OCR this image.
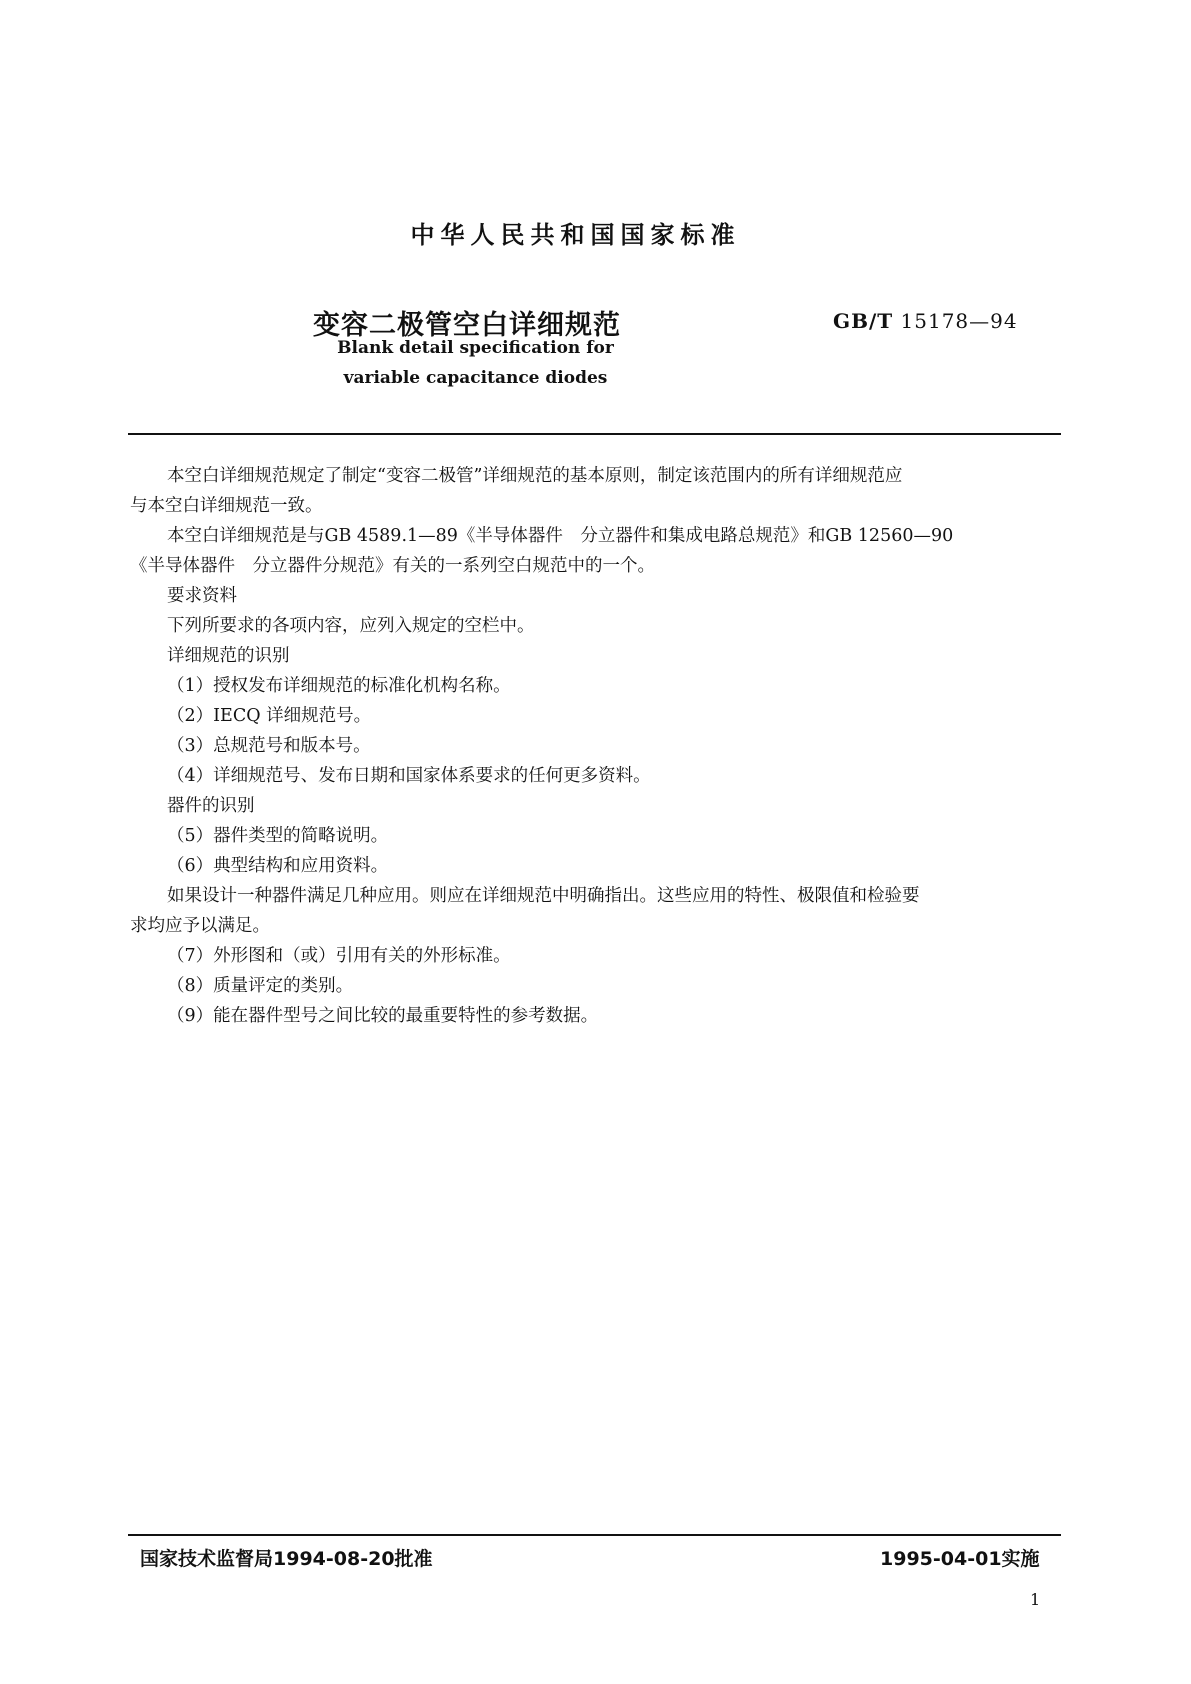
中华人民共和国国家标准
变容二极管空白详细规范	GB/T 15178—94
Blank detail specification for
variable capacitance diodes
本空白详细规范规定了制定“变容二极管”详细规范的基本原则，制定该范围内的所有详细规范应
与本空白详细规范一致。
本空白详细规范是与GB 4589.1—89《半导体器件　分立器件和集成电路总规范》和GB 12560—90
《半导体器件　分立器件分规范》有关的一系列空白规范中的一个。
要求资料
下列所要求的各项内容，应列入规定的空栏中。
详细规范的识别
（1）授权发布详细规范的标准化机构名称。
（2）IECQ 详细规范号。
（3）总规范号和版本号。
（4）详细规范号、发布日期和国家体系要求的任何更多资料。
器件的识别
（5）器件类型的简略说明。
（6）典型结构和应用资料。
如果设计一种器件满足几种应用。则应在详细规范中明确指出。这些应用的特性、极限值和检验要
求均应予以满足。
（7）外形图和（或）引用有关的外形标准。
（8）质量评定的类别。
（9）能在器件型号之间比较的最重要特性的参考数据。
国家技术监督局1994-08-20批准	1995-04-01实施
1
